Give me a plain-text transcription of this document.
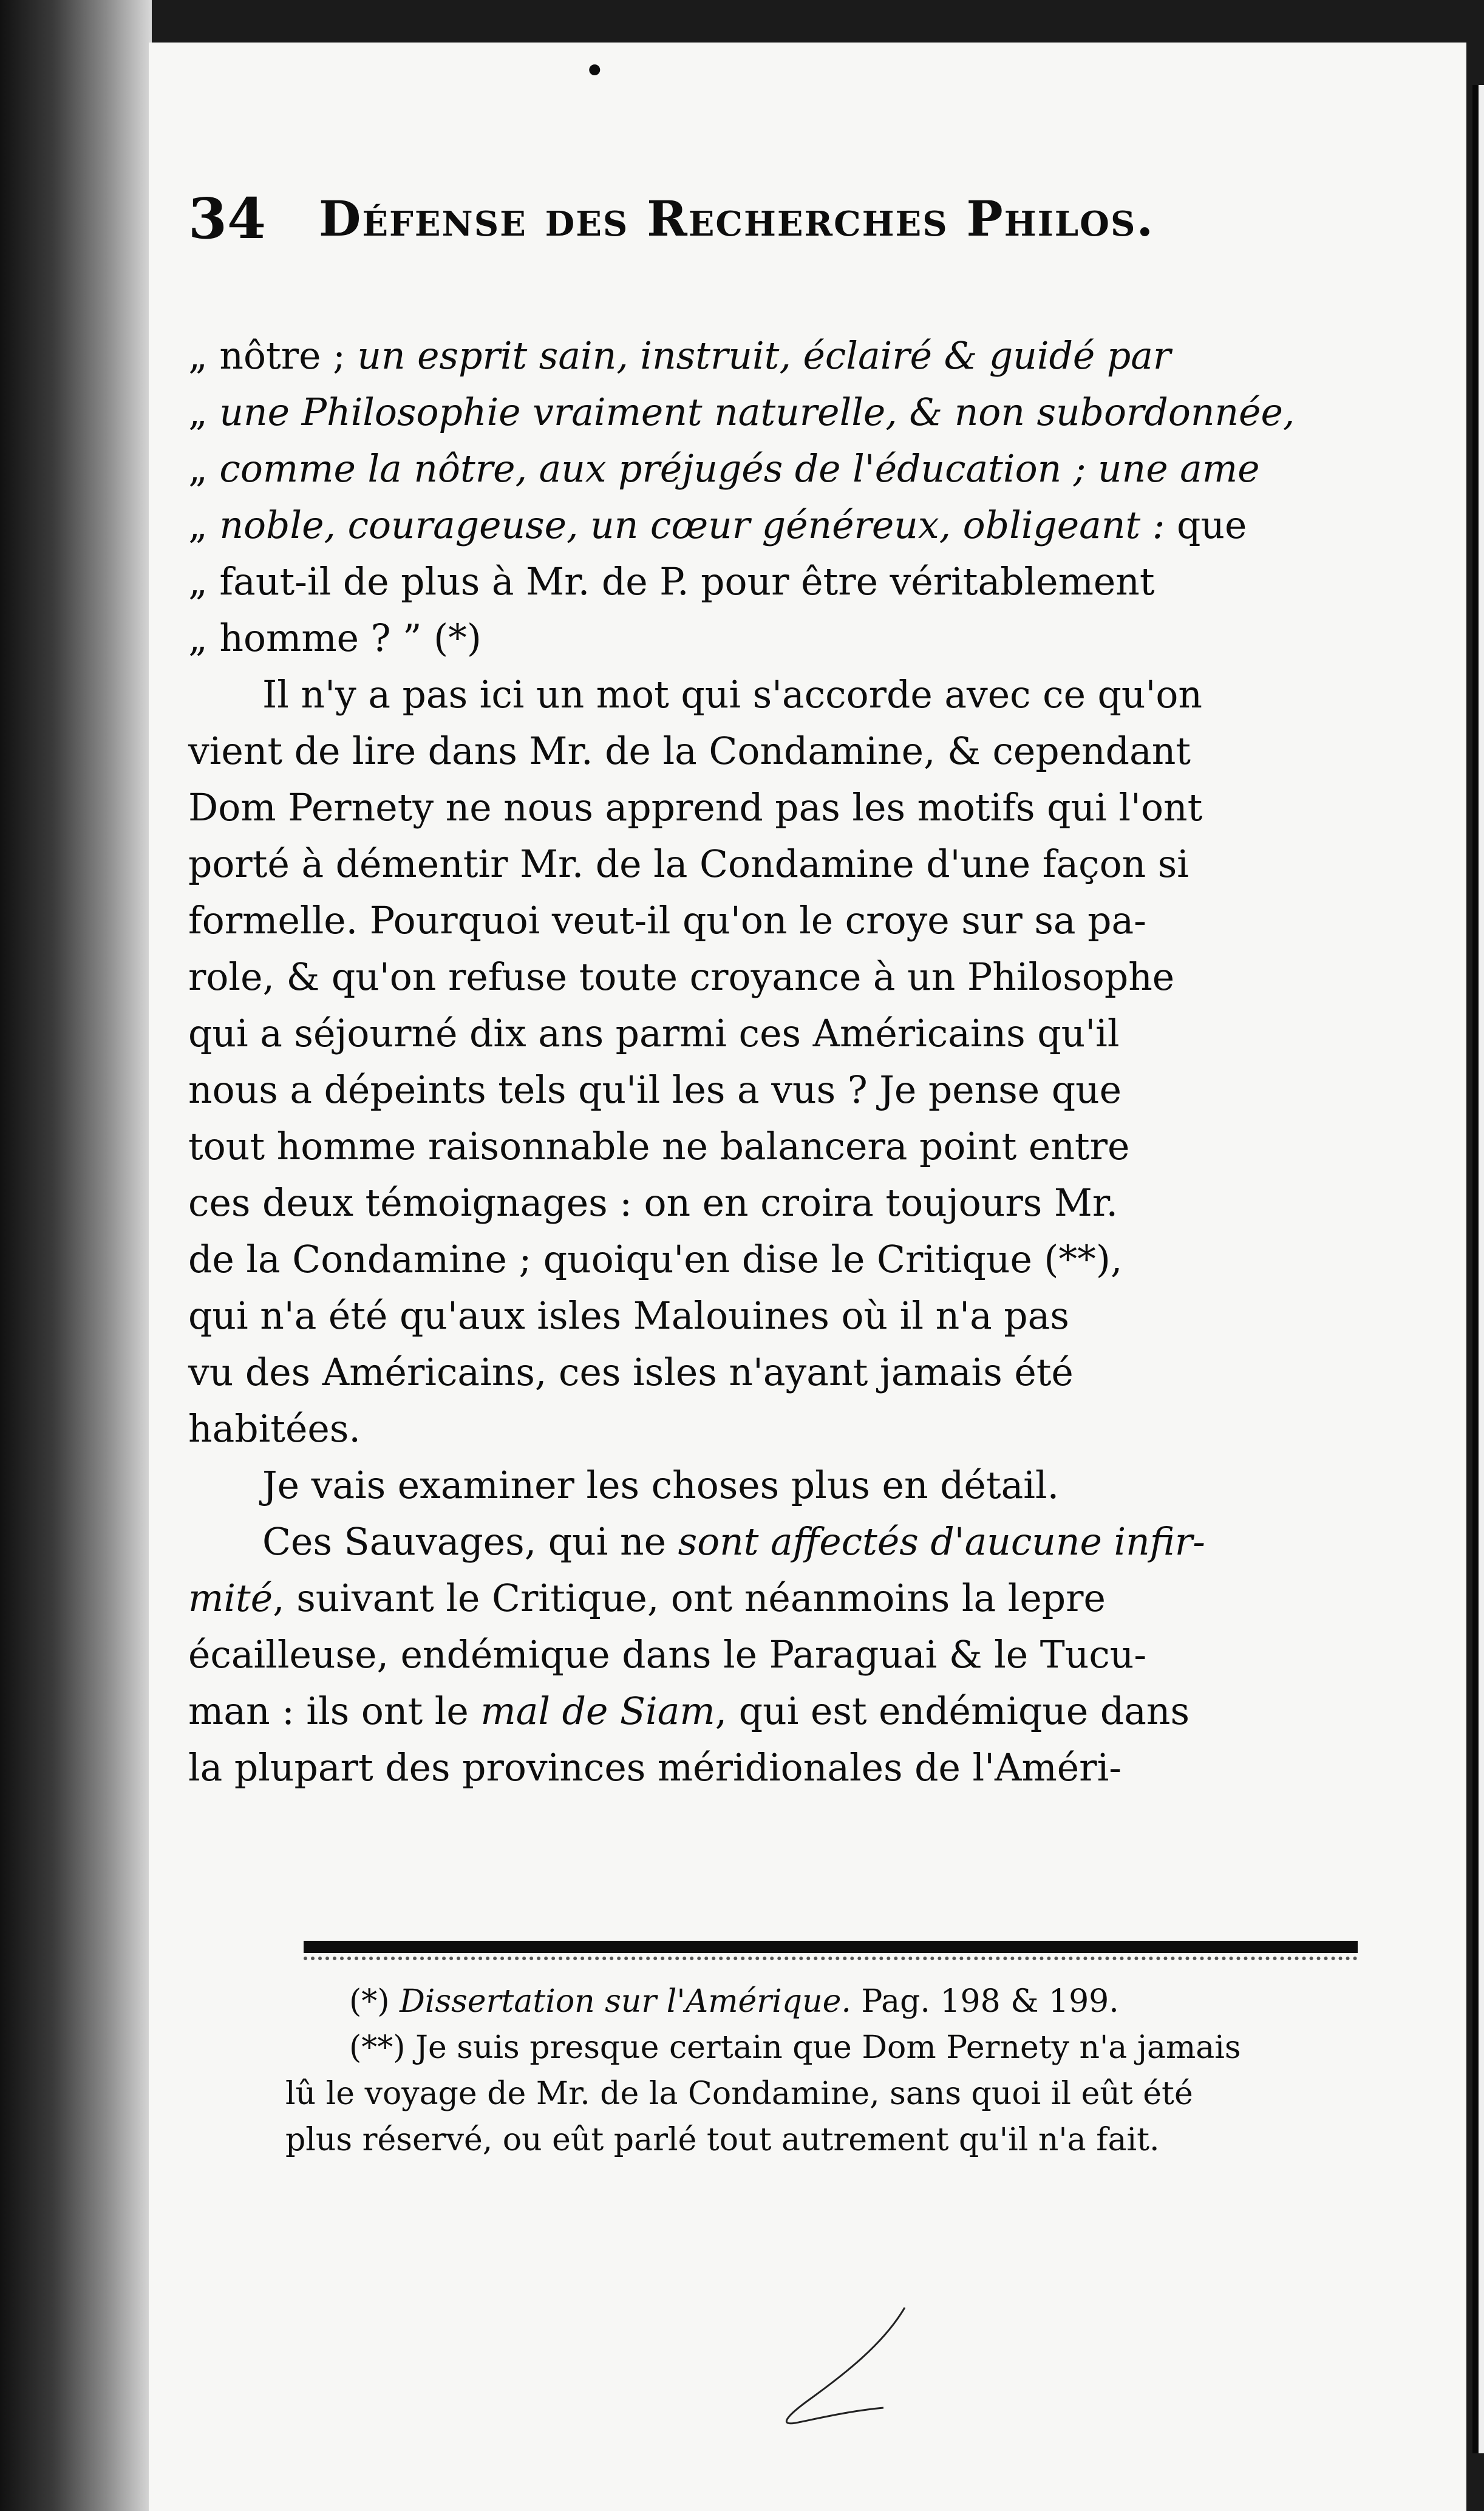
•
34 Défense des Recherches Philos.
„ nôtre ; un esprit sain, instruit, éclairé & guidé par
„ une Philosophie vraiment naturelle, & non subordonnée,
„ comme la nôtre, aux préjugés de l'éducation ; une ame
„ noble, courageuse, un cœur généreux, obligeant : que
„ faut-il de plus à Mr. de P. pour être véritablement
„ homme ? ” (*)
Il n'y a pas ici un mot qui s'accorde avec ce qu'on
vient de lire dans Mr. de la Condamine, & cependant
Dom Pernety ne nous apprend pas les motifs qui l'ont
porté à démentir Mr. de la Condamine d'une façon si
formelle. Pourquoi veut-il qu'on le croye sur sa pa-
role, & qu'on refuse toute croyance à un Philosophe
qui a séjourné dix ans parmi ces Américains qu'il
nous a dépeints tels qu'il les a vus ? Je pense que
tout homme raisonnable ne balancera point entre
ces deux témoignages : on en croira toujours Mr.
de la Condamine ; quoiqu'en dise le Critique (**),
qui n'a été qu'aux isles Malouines où il n'a pas
vu des Américains, ces isles n'ayant jamais été
habitées.
Je vais examiner les choses plus en détail.
Ces Sauvages, qui ne sont affectés d'aucune infir-
mité, suivant le Critique, ont néanmoins la lepre
écailleuse, endémique dans le Paraguai & le Tucu-
man : ils ont le mal de Siam, qui est endémique dans
la plupart des provinces méridionales de l'Améri-
(*) Dissertation sur l'Amérique. Pag. 198 & 199.
(**) Je suis presque certain que Dom Pernety n'a jamais
lû le voyage de Mr. de la Condamine, sans quoi il eût été
plus réservé, ou eût parlé tout autrement qu'il n'a fait.
